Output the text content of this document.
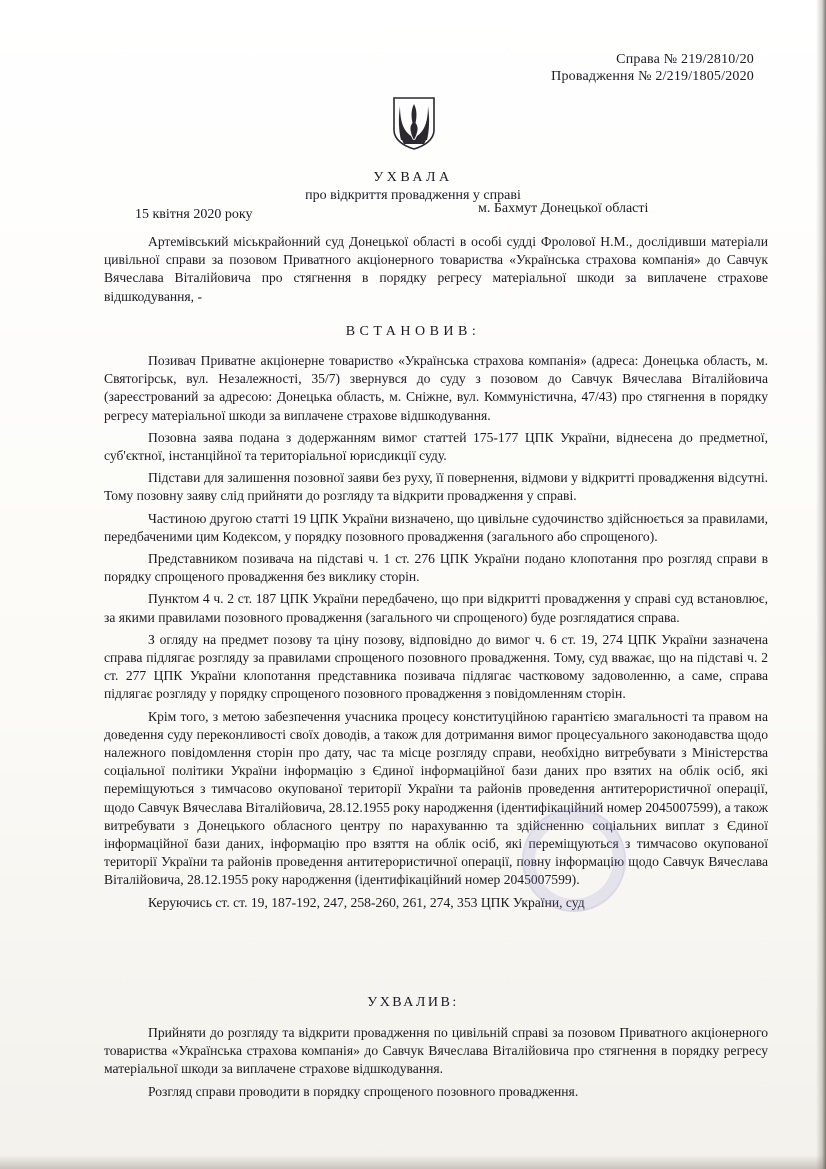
Справа № 219/2810/20
Провадження № 2/219/1805/2020
УХВАЛА
про відкриття провадження у справі
15 квітня 2020 року	м. Бахмут Донецької області

Артемівський міськрайонний суд Донецької області в особі судді Фролової Н.М., дослідивши матеріали цивільної справи за позовом Приватного акціонерного товариства «Українська страхова компанія» до Савчук Вячеслава Віталійовича про стягнення в порядку регресу матеріальної шкоди за виплачене страхове відшкодування, -

ВСТАНОВИВ:

Позивач Приватне акціонерне товариство «Українська страхова компанія» (адреса: Донецька область, м. Святогірськ, вул. Незалежності, 35/7) звернувся до суду з позовом до Савчук Вячеслава Віталійовича (зареєстрований за адресою: Донецька область, м. Сніжне, вул. Коммуністична, 47/43) про стягнення в порядку регресу матеріальної шкоди за виплачене страхове відшкодування.

Позовна заява подана з додержанням вимог статтей 175-177 ЦПК України, віднесена до предметної, суб'єктної, інстанційної та територіальної юрисдикції суду.

Підстави для залишення позовної заяви без руху, її повернення, відмови у відкритті провадження відсутні. Тому позовну заяву слід прийняти до розгляду та відкрити провадження у справі.

Частиною другою статті 19 ЦПК України визначено, що цивільне судочинство здійснюється за правилами, передбаченими цим Кодексом, у порядку позовного провадження (загального або спрощеного).

Представником позивача на підставі ч. 1 ст. 276 ЦПК України подано клопотання про розгляд справи в порядку спрощеного провадження без виклику сторін.

Пунктом 4 ч. 2 ст. 187 ЦПК України передбачено, що при відкритті провадження у справі суд встановлює, за якими правилами позовного провадження (загального чи спрощеного) буде розглядатися справа.

З огляду на предмет позову та ціну позову, відповідно до вимог ч. 6 ст. 19, 274 ЦПК України зазначена справа підлягає розгляду за правилами спрощеного позовного провадження. Тому, суд вважає, що на підставі ч. 2 ст. 277 ЦПК України клопотання представника позивача підлягає частковому задоволенню, а саме, справа підлягає розгляду у порядку спрощеного позовного провадження з повідомленням сторін.

Крім того, з метою забезпечення учасника процесу конституційною гарантією змагальності та правом на доведення суду переконливості своїх доводів, а також для дотримання вимог процесуального законодавства щодо належного повідомлення сторін про дату, час та місце розгляду справи, необхідно витребувати з Міністерства соціальної політики України інформацію з Єдиної інформаційної бази даних про взятих на облік осіб, які переміщуються з тимчасово окупованої території України та районів проведення антитерористичної операції, щодо Савчук Вячеслава Віталійовича, 28.12.1955 року народження (ідентифікаційний номер 2045007599), а також витребувати з Донецького обласного центру по нарахуванню та здійсненню соціальних виплат з Єдиної інформаційної бази даних, інформацію про взяття на облік осіб, які переміщуються з тимчасово окупованої території України та районів проведення антитерористичної операції, повну інформацію щодо Савчук Вячеслава Віталійовича, 28.12.1955 року народження (ідентифікаційний номер 2045007599).

Керуючись ст. ст. 19, 187-192, 247, 258-260, 261, 274, 353 ЦПК України, суд

УХВАЛИВ:

Прийняти до розгляду та відкрити провадження по цивільній справі за позовом Приватного акціонерного товариства «Українська страхова компанія» до Савчук Вячеслава Віталійовича про стягнення в порядку регресу матеріальної шкоди за виплачене страхове відшкодування.

Розгляд справи проводити в порядку спрощеного позовного провадження.
